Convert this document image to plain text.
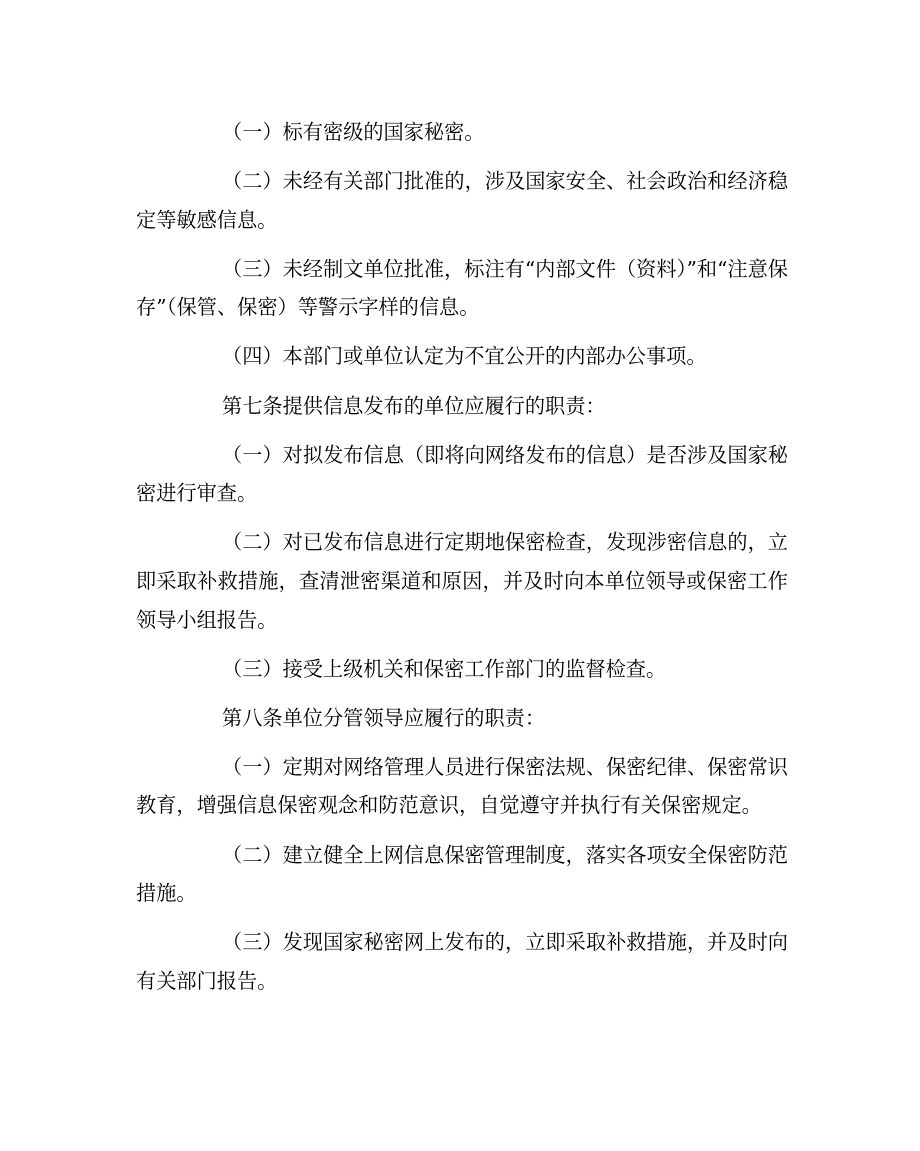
（一）标有密级的国家秘密。

（二）未经有关部门批准的，涉及国家安全、社会政治和经济稳定等敏感信息。

（三）未经制文单位批准，标注有“内部文件（资料）”和“注意保存”（保管、保密）等警示字样的信息。

（四）本部门或单位认定为不宜公开的内部办公事项。

第七条提供信息发布的单位应履行的职责：

（一）对拟发布信息（即将向网络发布的信息）是否涉及国家秘密进行审查。

（二）对已发布信息进行定期地保密检查，发现涉密信息的，立即采取补救措施，查清泄密渠道和原因，并及时向本单位领导或保密工作领导小组报告。

（三）接受上级机关和保密工作部门的监督检查。

第八条单位分管领导应履行的职责：

（一）定期对网络管理人员进行保密法规、保密纪律、保密常识教育，增强信息保密观念和防范意识，自觉遵守并执行有关保密规定。

（二）建立健全上网信息保密管理制度，落实各项安全保密防范措施。

（三）发现国家秘密网上发布的，立即采取补救措施，并及时向有关部门报告。
